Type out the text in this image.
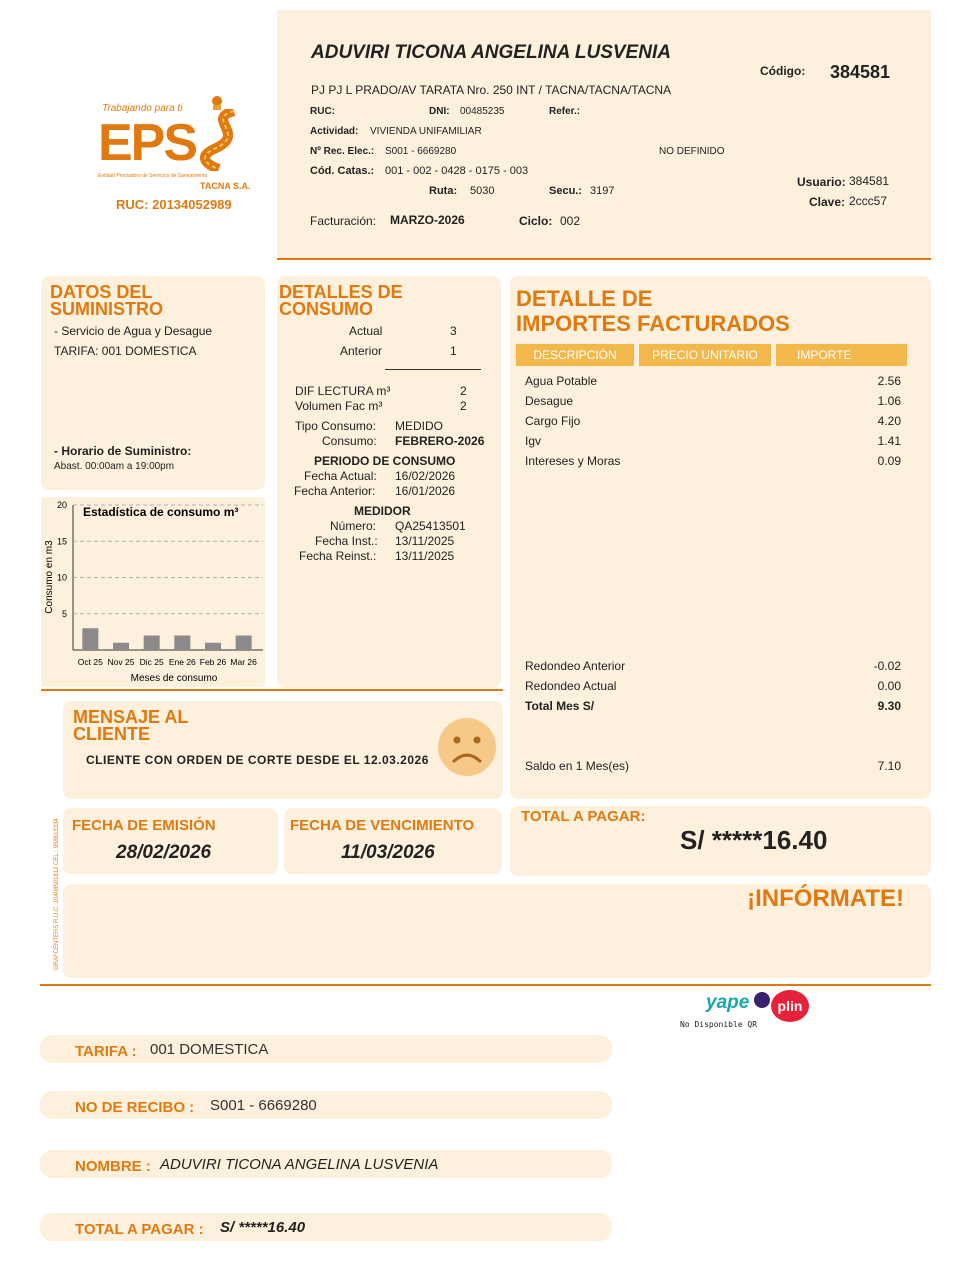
Trabajando para ti
EPS
Entidad Prestadora de Servicios de Saneamiento
TACNA S.A.
RUC: 20134052989
ADUVIRI TICONA ANGELINA LUSVENIA
PJ PJ L PRADO/AV TARATA Nro. 250 INT / TACNA/TACNA/TACNA
Código: 384581
RUC:	DNI: 00485235	Refer.:
Actividad: VIVIENDA UNIFAMILIAR
Nº Rec. Elec.: S001 - 6669280	NO DEFINIDO
Cód. Catas.: 001 - 002 - 0428 - 0175 - 003
Ruta: 5030	Secu.: 3197
Usuario: 384581
Clave: 2ccc57
Facturación: MARZO-2026	Ciclo: 002
DATOS DEL
SUMINISTRO
- Servicio de Agua y Desague
TARIFA: 001 DOMESTICA
- Horario de Suministro:
Abast. 00:00am a 19:00pm
20
15
10
5
Oct 25 Nov 25 Dic 25 Ene 26 Feb 26 Mar 26
Estadística de consumo m³
Meses de consumo
Consumo en m3
DETALLES DE
CONSUMO
Actual	3
Anterior	1
DIF LECTURA m³	2
Volumen Fac m³	2
Tipo Consumo: MEDIDO
Consumo: FEBRERO-2026
PERIODO DE CONSUMO
Fecha Actual: 16/02/2026
Fecha Anterior: 16/01/2026
MEDIDOR
Número: QA25413501
Fecha Inst.: 13/11/2025
Fecha Reinst.: 13/11/2025
DETALLE DE
IMPORTES FACTURADOS
DESCRIPCIÓN	PRECIO UNITARIO	IMPORTE
Agua Potable	2.56
Desague	1.06
Cargo Fijo	4.20
Igv	1.41
Intereses y Moras	0.09
Redondeo Anterior	-0.02
Redondeo Actual	0.00
Total Mes S/	9.30
Saldo en 1 Mes(es)	7.10
MENSAJE AL
CLIENTE
CLIENTE CON ORDEN DE CORTE DESDE EL 12.03.2026
GRAFCENTERS R.U.C. 10408501812 CEL.: 958613334 FECHA DE EMISIÓN
28/02/2026
FECHA DE VENCIMIENTO
11/03/2026
TOTAL A PAGAR:
S/ *****16.40
¡INFÓRMATE!
yape	plin
No Disponible QR
TARIFA : 001 DOMESTICA
NO DE RECIBO : S001 - 6669280
NOMBRE : ADUVIRI TICONA ANGELINA LUSVENIA
TOTAL A PAGAR : S/ *****16.40
